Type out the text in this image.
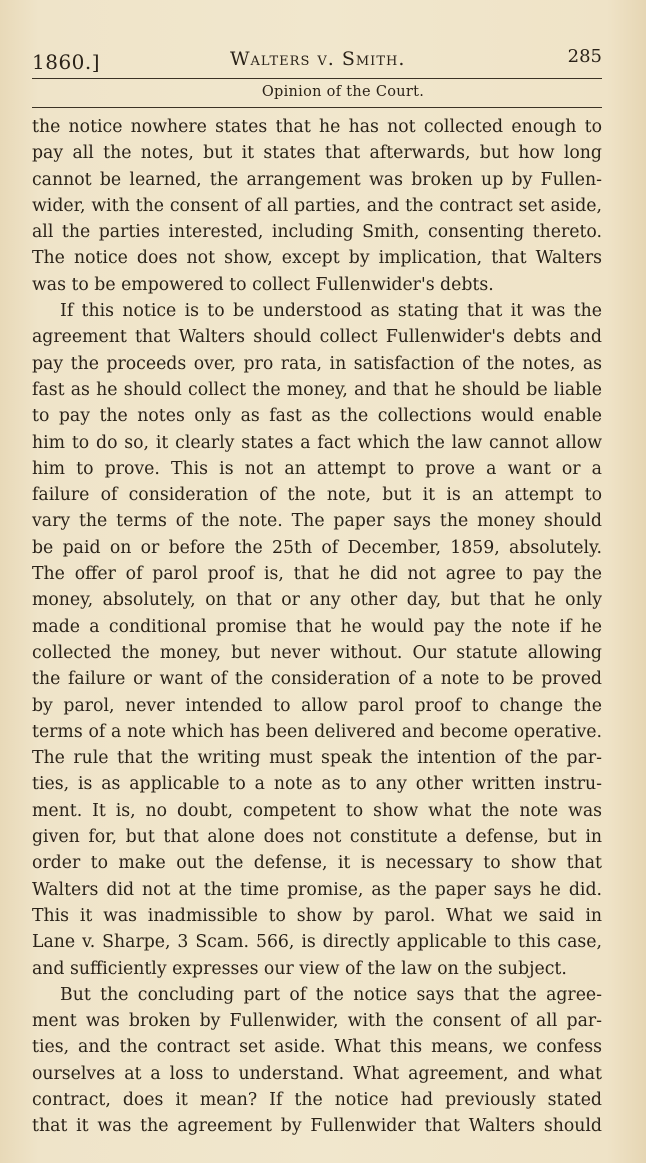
1860.]	Walters v. Smith.	285
Opinion of the Court.
the notice nowhere states that he has not collected enough to
pay all the notes, but it states that afterwards, but how long
cannot be learned, the arrangement was broken up by Fullen-
wider, with the consent of all parties, and the contract set aside,
all the parties interested, including Smith, consenting thereto.
The notice does not show, except by implication, that Walters
was to be empowered to collect Fullenwider's debts.
If this notice is to be understood as stating that it was the
agreement that Walters should collect Fullenwider's debts and
pay the proceeds over, pro rata, in satisfaction of the notes, as
fast as he should collect the money, and that he should be liable
to pay the notes only as fast as the collections would enable
him to do so, it clearly states a fact which the law cannot allow
him to prove. This is not an attempt to prove a want or a
failure of consideration of the note, but it is an attempt to
vary the terms of the note. The paper says the money should
be paid on or before the 25th of December, 1859, absolutely.
The offer of parol proof is, that he did not agree to pay the
money, absolutely, on that or any other day, but that he only
made a conditional promise that he would pay the note if he
collected the money, but never without. Our statute allowing
the failure or want of the consideration of a note to be proved
by parol, never intended to allow parol proof to change the
terms of a note which has been delivered and become operative.
The rule that the writing must speak the intention of the par-
ties, is as applicable to a note as to any other written instru-
ment. It is, no doubt, competent to show what the note was
given for, but that alone does not constitute a defense, but in
order to make out the defense, it is necessary to show that
Walters did not at the time promise, as the paper says he did.
This it was inadmissible to show by parol. What we said in
Lane v. Sharpe, 3 Scam. 566, is directly applicable to this case,
and sufficiently expresses our view of the law on the subject.
But the concluding part of the notice says that the agree-
ment was broken by Fullenwider, with the consent of all par-
ties, and the contract set aside. What this means, we confess
ourselves at a loss to understand. What agreement, and what
contract, does it mean? If the notice had previously stated
that it was the agreement by Fullenwider that Walters should
